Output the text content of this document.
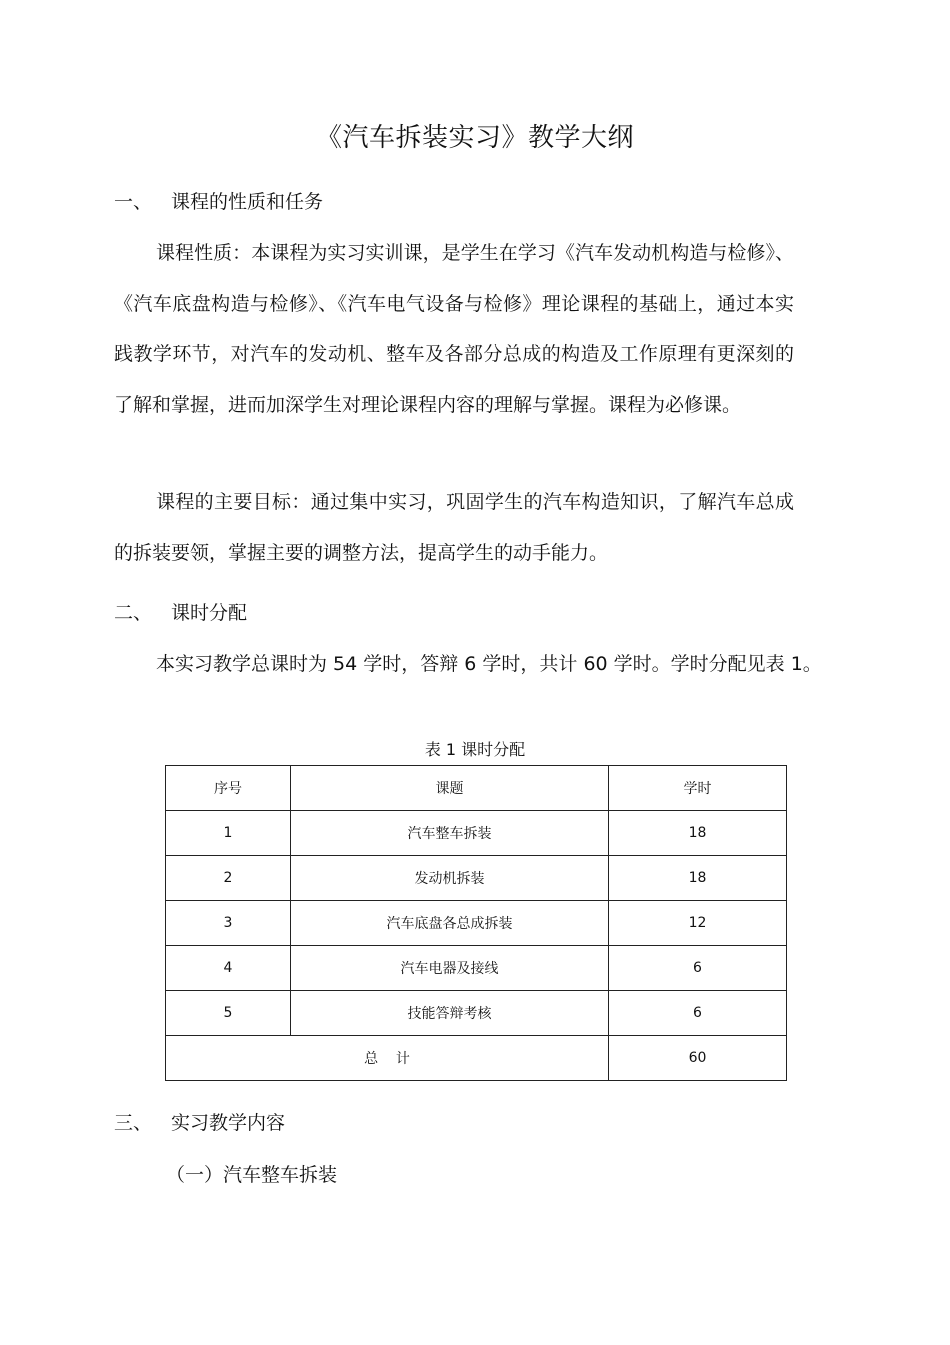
《汽车拆装实习》教学大纲
一、 课程的性质和任务

课程性质：本课程为实习实训课，是学生在学习《汽车发动机构造与检修》、《汽车底盘构造与检修》、《汽车电气设备与检修》理论课程的基础上，通过本实践教学环节，对汽车的发动机、整车及各部分总成的构造及工作原理有更深刻的了解和掌握，进而加深学生对理论课程内容的理解与掌握。课程为必修课。

课程的主要目标：通过集中实习，巩固学生的汽车构造知识，了解汽车总成的拆装要领，掌握主要的调整方法，提高学生的动手能力。

二、 课时分配

本实习教学总课时为 54 学时，答辩 6 学时，共计 60 学时。学时分配见表 1。

表 1 课时分配
序号	课题	学时
1	汽车整车拆装	18
2	发动机拆装	18
3	汽车底盘各总成拆装	12
4	汽车电器及接线	6
5	技能答辩考核	6
总    计		60
三、 实习教学内容
（一）汽车整车拆装
